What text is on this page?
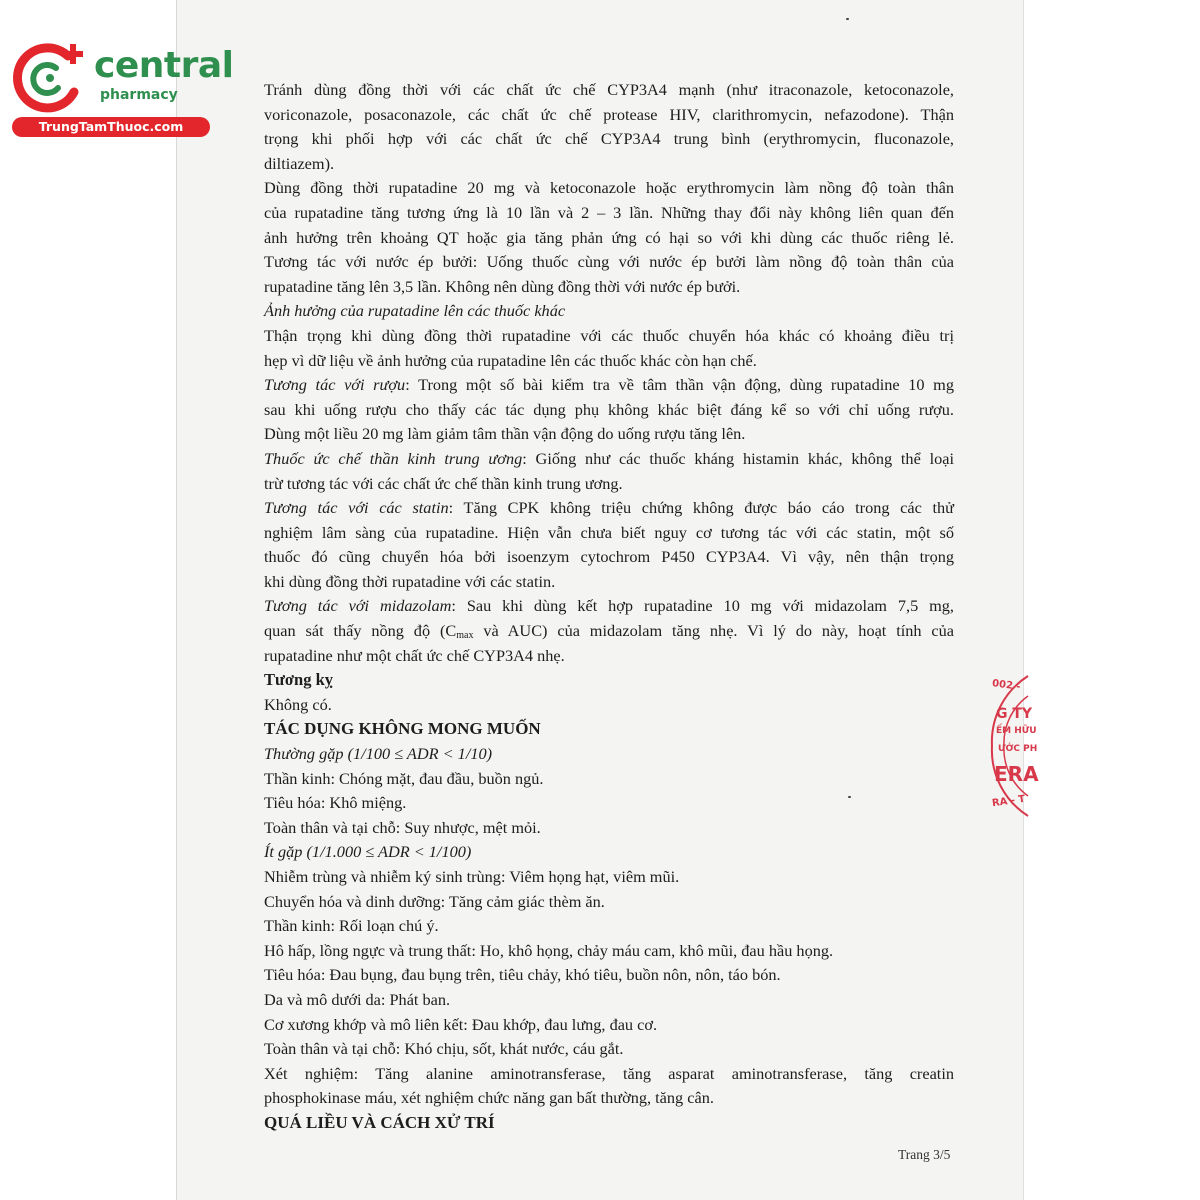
central
pharmacy
TrungTamThuoc.com
Tránh dùng đồng thời với các chất ức chế CYP3A4 mạnh (như itraconazole, ketoconazole,
voriconazole, posaconazole, các chất ức chế protease HIV, clarithromycin, nefazodone). Thận
trọng khi phối hợp với các chất ức chế CYP3A4 trung bình (erythromycin, fluconazole,
diltiazem).
Dùng đồng thời rupatadine 20 mg và ketoconazole hoặc erythromycin làm nồng độ toàn thân
của rupatadine tăng tương ứng là 10 lần và 2 – 3 lần. Những thay đổi này không liên quan đến
ảnh hưởng trên khoảng QT hoặc gia tăng phản ứng có hại so với khi dùng các thuốc riêng lẻ.
Tương tác với nước ép bưởi: Uống thuốc cùng với nước ép bưởi làm nồng độ toàn thân của
rupatadine tăng lên 3,5 lần. Không nên dùng đồng thời với nước ép bưởi.
Ảnh hưởng của rupatadine lên các thuốc khác
Thận trọng khi dùng đồng thời rupatadine với các thuốc chuyển hóa khác có khoảng điều trị
hẹp vì dữ liệu về ảnh hưởng của rupatadine lên các thuốc khác còn hạn chế.
Tương tác với rượu: Trong một số bài kiểm tra về tâm thần vận động, dùng rupatadine 10 mg
sau khi uống rượu cho thấy các tác dụng phụ không khác biệt đáng kể so với chỉ uống rượu.
Dùng một liều 20 mg làm giảm tâm thần vận động do uống rượu tăng lên.
Thuốc ức chế thần kinh trung ương: Giống như các thuốc kháng histamin khác, không thể loại
trừ tương tác với các chất ức chế thần kinh trung ương.
Tương tác với các statin: Tăng CPK không triệu chứng không được báo cáo trong các thử
nghiệm lâm sàng của rupatadine. Hiện vẫn chưa biết nguy cơ tương tác với các statin, một số
thuốc đó cũng chuyển hóa bởi isoenzym cytochrom P450 CYP3A4. Vì vậy, nên thận trọng
khi dùng đồng thời rupatadine với các statin.
Tương tác với midazolam: Sau khi dùng kết hợp rupatadine 10 mg với midazolam 7,5 mg,
quan sát thấy nồng độ ($C_{max}$ và AUC) của midazolam tăng nhẹ. Vì lý do này, hoạt tính của
rupatadine như một chất ức chế CYP3A4 nhẹ.
Tương kỵ
Không có.
TÁC DỤNG KHÔNG MONG MUỐN
Thường gặp (1/100 ≤ ADR < 1/10)
Thần kinh: Chóng mặt, đau đầu, buồn ngủ.
Tiêu hóa: Khô miệng.
Toàn thân và tại chỗ: Suy nhược, mệt mỏi.
Ít gặp (1/1.000 ≤ ADR < 1/100)
Nhiễm trùng và nhiễm ký sinh trùng: Viêm họng hạt, viêm mũi.
Chuyển hóa và dinh dưỡng: Tăng cảm giác thèm ăn.
Thần kinh: Rối loạn chú ý.
Hô hấp, lồng ngực và trung thất: Ho, khô họng, chảy máu cam, khô mũi, đau hầu họng.
Tiêu hóa: Đau bụng, đau bụng trên, tiêu chảy, khó tiêu, buồn nôn, nôn, táo bón.
Da và mô dưới da: Phát ban.
Cơ xương khớp và mô liên kết: Đau khớp, đau lưng, đau cơ.
Toàn thân và tại chỗ: Khó chịu, sốt, khát nước, cáu gắt.
Xét nghiệm: Tăng alanine aminotransferase, tăng asparat aminotransferase, tăng creatin
phosphokinase máu, xét nghiệm chức năng gan bất thường, tăng cân.
QUÁ LIỀU VÀ CÁCH XỬ TRÍ
Trang 3/5
002 -
G TY
ẾM HỮU
ƯỚC PH
ERA
RA - T
